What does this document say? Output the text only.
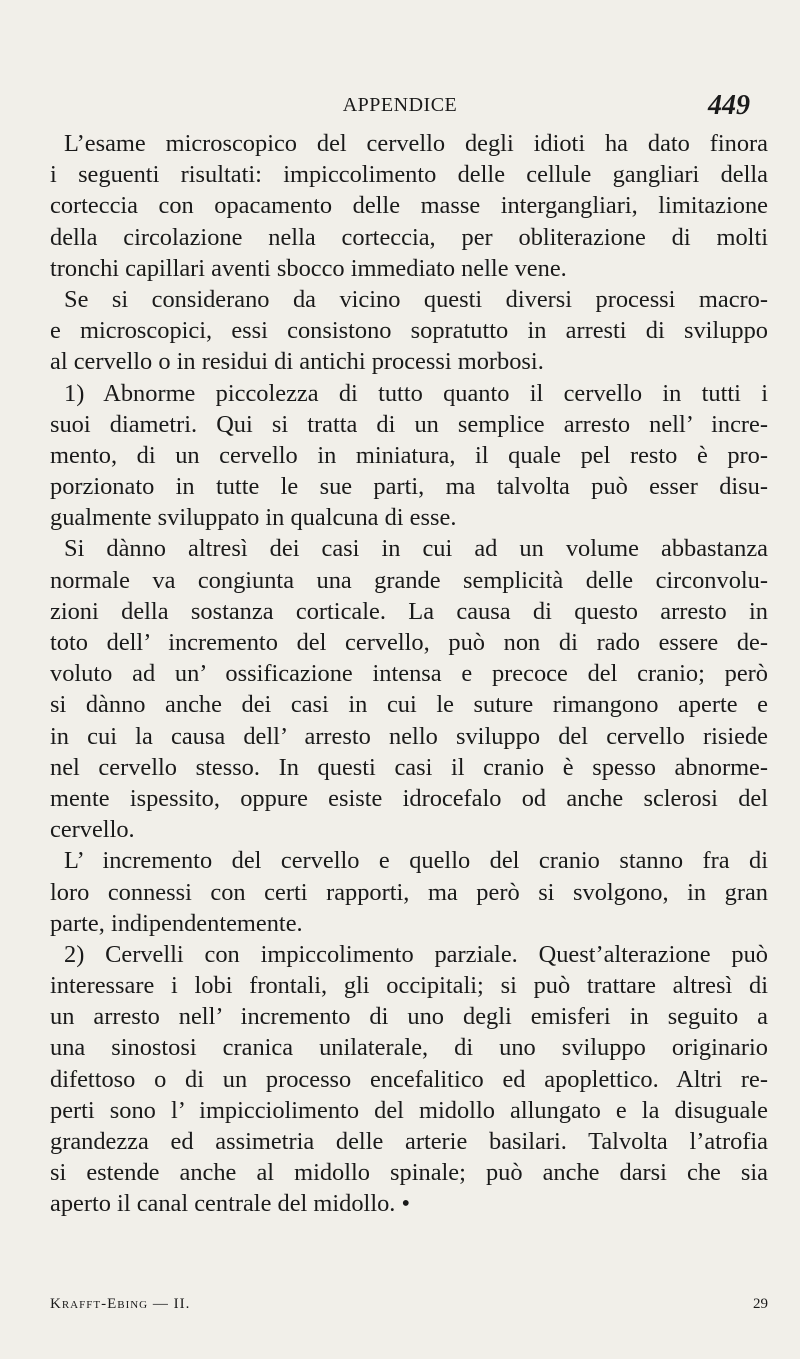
APPENDICE	449
L’esame microscopico del cervello degli idioti ha dato finora
i seguenti risultati: impiccolimento delle cellule gangliari della
corteccia con opacamento delle masse intergangliari, limitazione
della circolazione nella corteccia, per obliterazione di molti
tronchi capillari aventi sbocco immediato nelle vene.
Se si considerano da vicino questi diversi processi macro-
e microscopici, essi consistono sopratutto in arresti di sviluppo
al cervello o in residui di antichi processi morbosi.
1) Abnorme piccolezza di tutto quanto il cervello in tutti i
suoi diametri. Qui si tratta di un semplice arresto nell’ incre-
mento, di un cervello in miniatura, il quale pel resto è pro-
porzionato in tutte le sue parti, ma talvolta può esser disu-
gualmente sviluppato in qualcuna di esse.
Si dànno altresì dei casi in cui ad un volume abbastanza
normale va congiunta una grande semplicità delle circonvolu-
zioni della sostanza corticale. La causa di questo arresto in
toto dell’ incremento del cervello, può non di rado essere de-
voluto ad un’ ossificazione intensa e precoce del cranio; però
si dànno anche dei casi in cui le suture rimangono aperte e
in cui la causa dell’ arresto nello sviluppo del cervello risiede
nel cervello stesso. In questi casi il cranio è spesso abnorme-
mente ispessito, oppure esiste idrocefalo od anche sclerosi del
cervello.
L’ incremento del cervello e quello del cranio stanno fra di
loro connessi con certi rapporti, ma però si svolgono, in gran
parte, indipendentemente.
2) Cervelli con impiccolimento parziale. Quest’alterazione può
interessare i lobi frontali, gli occipitali; si può trattare altresì di
un arresto nell’ incremento di uno degli emisferi in seguito a
una sinostosi cranica unilaterale, di uno sviluppo originario
difettoso o di un processo encefalitico ed apoplettico. Altri re-
perti sono l’ impicciolimento del midollo allungato e la disuguale
grandezza ed assimetria delle arterie basilari. Talvolta l’atrofia
si estende anche al midollo spinale; può anche darsi che sia
aperto il canal centrale del midollo. •
Krafft-Ebing — II.	29
